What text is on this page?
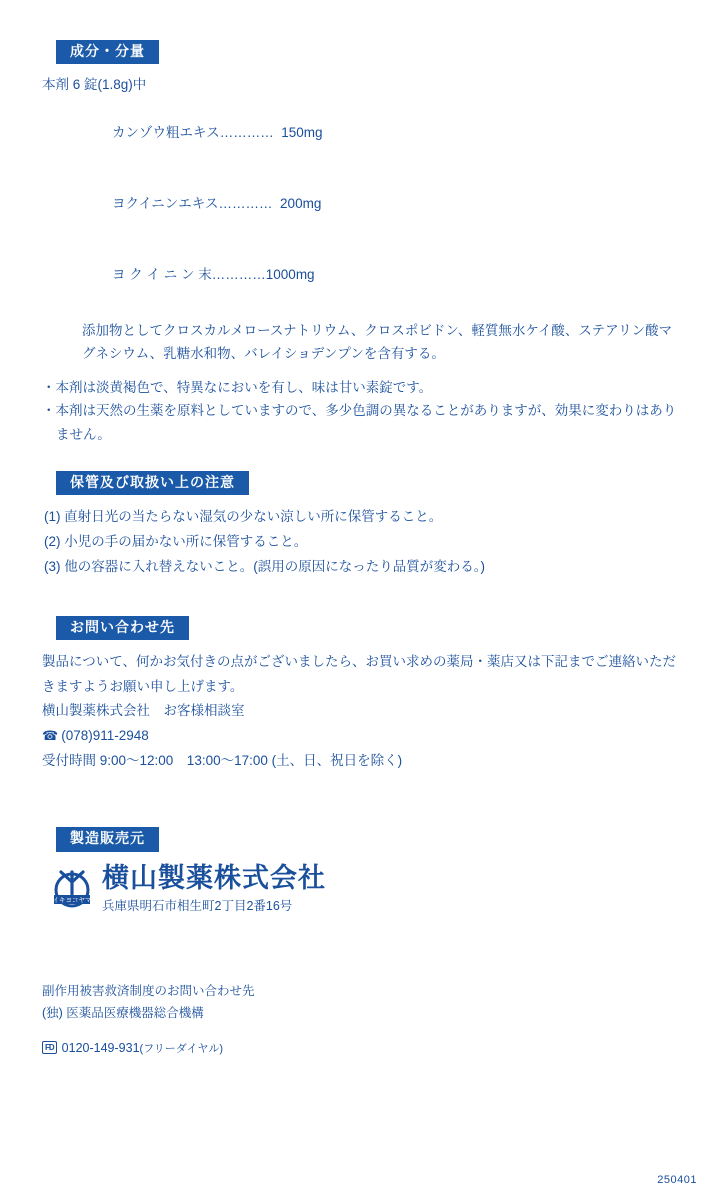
成分・分量
本剤 6 錠(1.8g)中

カンゾウ粗エキス………… 150mg

ヨクイニンエキス………… 200mg

ヨ ク イ ニ ン 末…………1000mg

添加物としてクロスカルメロースナトリウム、クロスポビドン、軽質無水ケイ酸、ステアリン酸マグネシウム、乳糖水和物、バレイショデンプンを含有する。
・本剤は淡黄褐色で、特異なにおいを有し、味は甘い素錠です。
・本剤は天然の生薬を原料としていますので、多少色調の異なることがありますが、効果に変わりはありません。
保管及び取扱い上の注意
(1) 直射日光の当たらない湿気の少ない涼しい所に保管すること。
(2) 小児の手の届かない所に保管すること。
(3) 他の容器に入れ替えないこと。(誤用の原因になったり品質が変わる。)
お問い合わせ先
製品について、何かお気付きの点がございましたら、お買い求めの薬局・薬店又は下記までご連絡いただきますようお願い申し上げます。
横山製薬株式会社　お客様相談室
☎ (078)911-2948
受付時間 9:00〜12:00　13:00〜17:00 (土、日、祝日を除く)
製造販売元
イキヨコヤマ
横山製薬株式会社
兵庫県明石市相生町2丁目2番16号
副作用被害救済制度のお問い合わせ先
(独) 医薬品医療機器総合機構
FD 0120-149-931(フリーダイヤル)
250401
